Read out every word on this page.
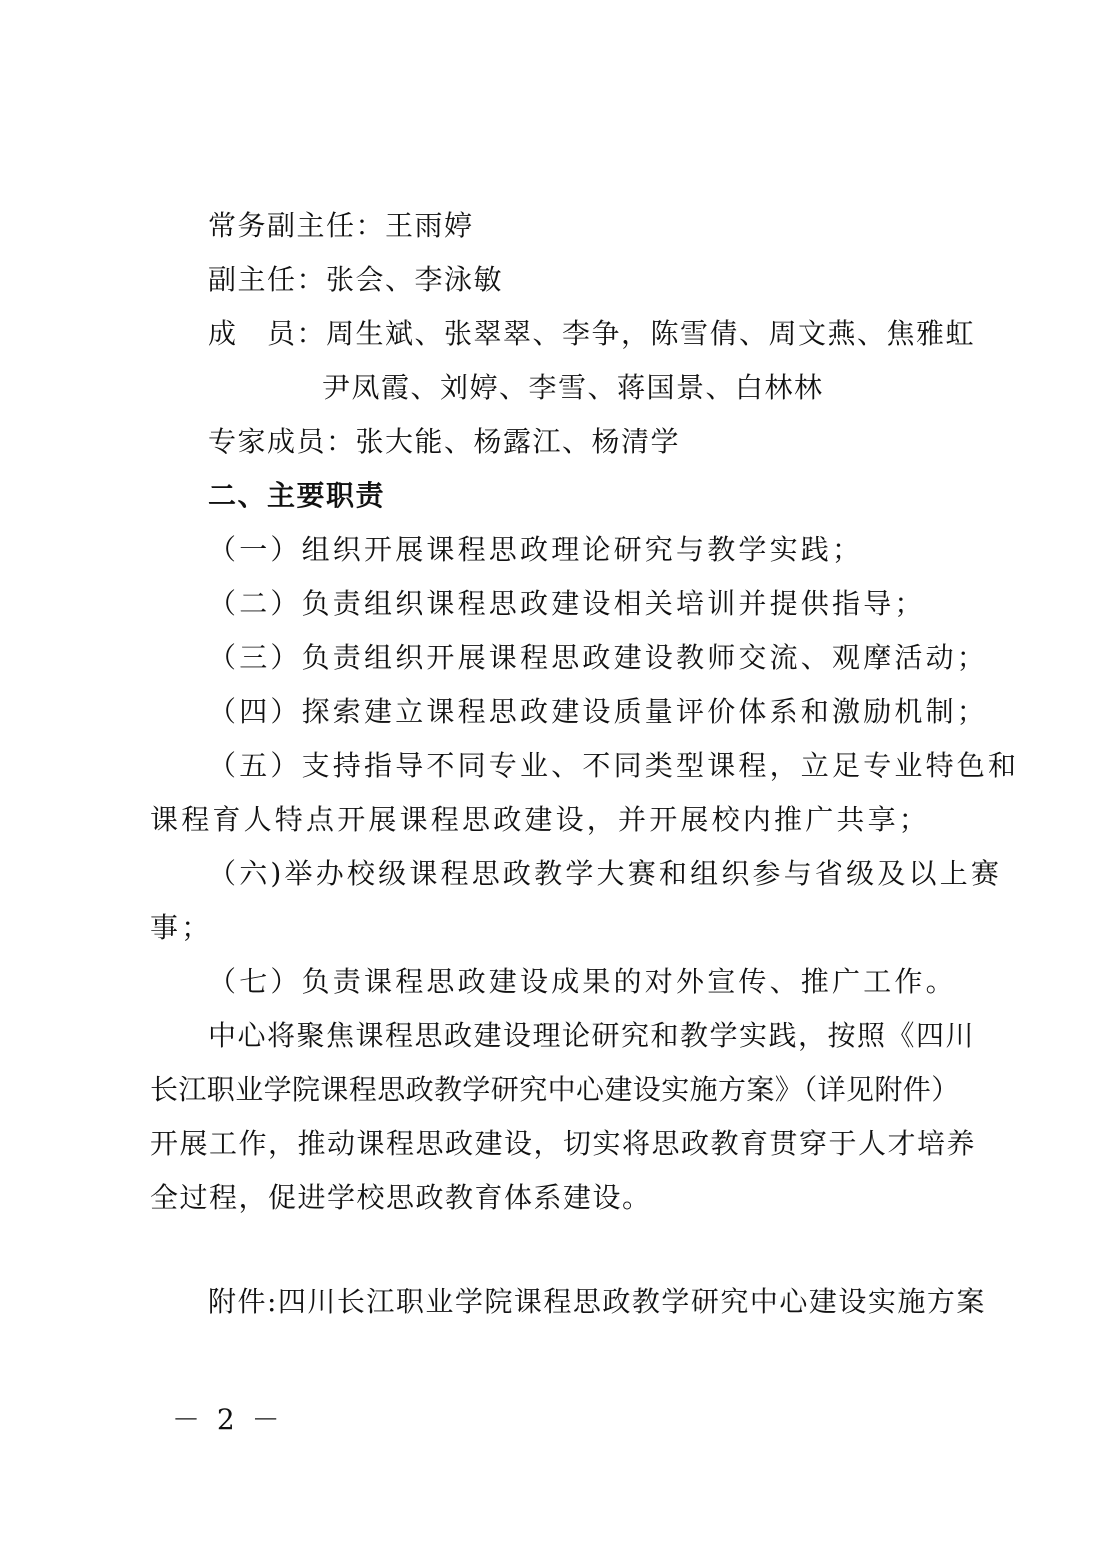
常务副主任：王雨婷
副主任：张会、李泳敏
成　员：周生斌、张翠翠、李争，陈雪倩、周文燕、焦雅虹
尹凤霞、刘婷、李雪、蒋国景、白林林
专家成员：张大能、杨露江、杨清学
二、主要职责
（一）组织开展课程思政理论研究与教学实践；
（二）负责组织课程思政建设相关培训并提供指导；
（三）负责组织开展课程思政建设教师交流、观摩活动；
（四）探索建立课程思政建设质量评价体系和激励机制；
（五）支持指导不同专业、不同类型课程，立足专业特色和
课程育人特点开展课程思政建设，并开展校内推广共享；
（六)举办校级课程思政教学大赛和组织参与省级及以上赛
事；
（七）负责课程思政建设成果的对外宣传、推广工作。
中心将聚焦课程思政建设理论研究和教学实践，按照《四川
长江职业学院课程思政教学研究中心建设实施方案》（详见附件）
开展工作，推动课程思政建设，切实将思政教育贯穿于人才培养
全过程，促进学校思政教育体系建设。
附件:四川长江职业学院课程思政教学研究中心建设实施方案
－ 2 －
